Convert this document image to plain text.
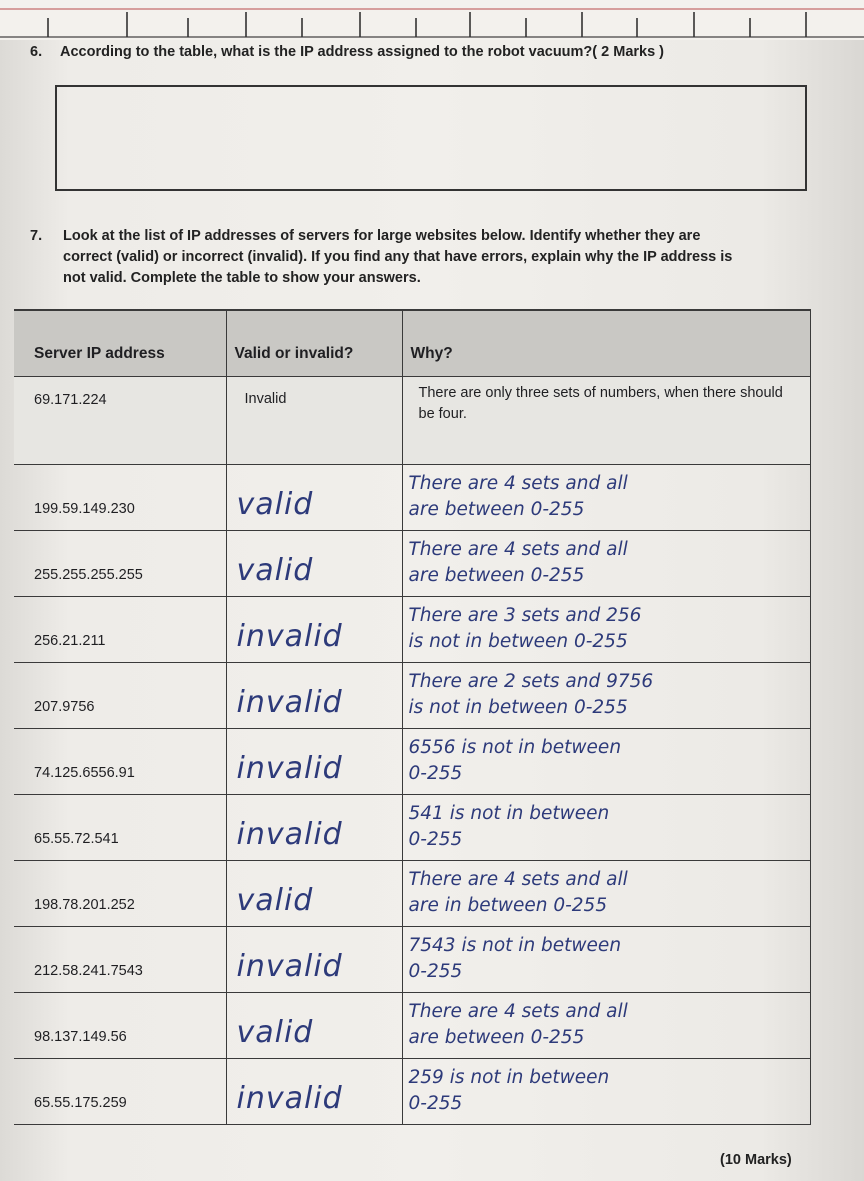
6. According to the table, what is the IP address assigned to the robot vacuum?( 2 Marks )
7. Look at the list of IP addresses of servers for large websites below. Identify whether they are
correct (valid) or incorrect (invalid). If you find any that have errors, explain why the IP address is
not valid. Complete the table to show your answers.
Server IP address	Valid or invalid?	Why?
69.171.224	Invalid	There are only three sets of numbers, when there should be four.
199.59.149.230	valid	There are 4 sets and all
are between 0-255

255.255.255.255	valid	There are 4 sets and all
are between 0-255

256.21.211	invalid	There are 3 sets and 256
is not in between 0-255

207.9756	invalid	There are 2 sets and 9756
is not in between 0-255

74.125.6556.91	invalid	6556 is not in between
0-255

65.55.72.541	invalid	541 is not in between
0-255

198.78.201.252	valid	There are 4 sets and all
are in between 0-255

212.58.241.7543	invalid	7543 is not in between
0-255

98.137.149.56	valid	There are 4 sets and all
are between 0-255

65.55.175.259	invalid	259 is not in between
0-255
(10 Marks)
